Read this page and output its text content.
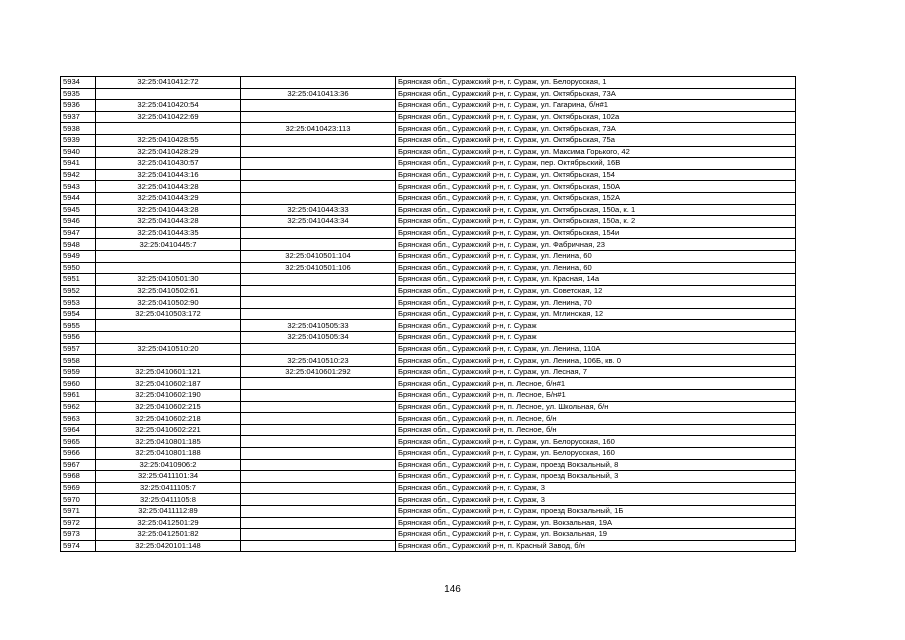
5934	32:25:0410412:72		Брянская обл., Суражский р-н, г. Сураж, ул. Белорусская, 1
5935		32:25:0410413:36	Брянская обл., Суражский р-н, г. Сураж, ул. Октябрьская, 73А
5936	32:25:0410420:54		Брянская обл., Суражский р-н, г. Сураж, ул. Гагарина, б/н#1
5937	32:25:0410422:69		Брянская обл., Суражский р-н, г. Сураж, ул. Октябрьская, 102а
5938		32:25:0410423:113	Брянская обл., Суражский р-н, г. Сураж, ул. Октябрьская, 73А
5939	32:25:0410428:55		Брянская обл., Суражский р-н, г. Сураж, ул. Октябрьская, 75а
5940	32:25:0410428:29		Брянская обл., Суражский р-н, г. Сураж, ул. Максима Горького, 42
5941	32:25:0410430:57		Брянская обл., Суражский р-н, г. Сураж, пер. Октябрьский, 16В
5942	32:25:0410443:16		Брянская обл., Суражский р-н, г. Сураж, ул. Октябрьская, 154
5943	32:25:0410443:28		Брянская обл., Суражский р-н, г. Сураж, ул. Октябрьская, 150А
5944	32:25:0410443:29		Брянская обл., Суражский р-н, г. Сураж, ул. Октябрьская, 152А
5945	32:25:0410443:28	32:25:0410443:33	Брянская обл., Суражский р-н, г. Сураж, ул. Октябрьская, 150а, к. 1
5946	32:25:0410443:28	32:25:0410443:34	Брянская обл., Суражский р-н, г. Сураж, ул. Октябрьская, 150а, к. 2
5947	32:25:0410443:35		Брянская обл., Суражский р-н, г. Сураж, ул. Октябрьская, 154и
5948	32:25:0410445:7		Брянская обл., Суражский р-н, г. Сураж, ул. Фабричная, 23
5949		32:25:0410501:104	Брянская обл., Суражский р-н, г. Сураж, ул. Ленина, 60
5950		32:25:0410501:106	Брянская обл., Суражский р-н, г. Сураж, ул. Ленина, 60
5951	32:25:0410501:30		Брянская обл., Суражский р-н, г. Сураж, ул. Красная, 14а
5952	32:25:0410502:61		Брянская обл., Суражский р-н, г. Сураж, ул. Советская, 12
5953	32:25:0410502:90		Брянская обл., Суражский р-н, г. Сураж, ул. Ленина, 70
5954	32:25:0410503:172		Брянская обл., Суражский р-н, г. Сураж, ул. Мглинская, 12
5955		32:25:0410505:33	Брянская обл., Суражский р-н, г. Сураж
5956		32:25:0410505:34	Брянская обл., Суражский р-н, г. Сураж
5957	32:25:0410510:20		Брянская обл., Суражский р-н, г. Сураж, ул. Ленина, 110А
5958		32:25:0410510:23	Брянская обл., Суражский р-н, г. Сураж, ул. Ленина, 106Б, кв. 0
5959	32:25:0410601:121	32:25:0410601:292	Брянская обл., Суражский р-н, г. Сураж, ул. Лесная, 7
5960	32:25:0410602:187		Брянская обл., Суражский р-н, п. Лесное, б/н#1
5961	32:25:0410602:190		Брянская обл., Суражский р-н, п. Лесное, Б/н#1
5962	32:25:0410602:215		Брянская обл., Суражский р-н, п. Лесное, ул. Школьная, б/н
5963	32:25:0410602:218		Брянская обл., Суражский р-н, п. Лесное, б/н
5964	32:25:0410602:221		Брянская обл., Суражский р-н, п. Лесное, б/н
5965	32:25:0410801:185		Брянская обл., Суражский р-н, г. Сураж, ул. Белорусская, 160
5966	32:25:0410801:188		Брянская обл., Суражский р-н, г. Сураж, ул. Белорусская, 160
5967	32:25:0410906:2		Брянская обл., Суражский р-н, г. Сураж, проезд Вокзальный, 8
5968	32:25:0411101:34		Брянская обл., Суражский р-н, г. Сураж, проезд Вокзальный, 3
5969	32:25:0411105:7		Брянская обл., Суражский р-н, г. Сураж, 3
5970	32:25:0411105:8		Брянская обл., Суражский р-н, г. Сураж, 3
5971	32:25:0411112:89		Брянская обл., Суражский р-н, г. Сураж, проезд Вокзальный, 1Б
5972	32:25:0412501:29		Брянская обл., Суражский р-н, г. Сураж, ул. Вокзальная, 19А
5973	32:25:0412501:82		Брянская обл., Суражский р-н, г. Сураж, ул. Вокзальная, 19
5974	32:25:0420101:148		Брянская обл., Суражский р-н, п. Красный Завод, б/н
146
